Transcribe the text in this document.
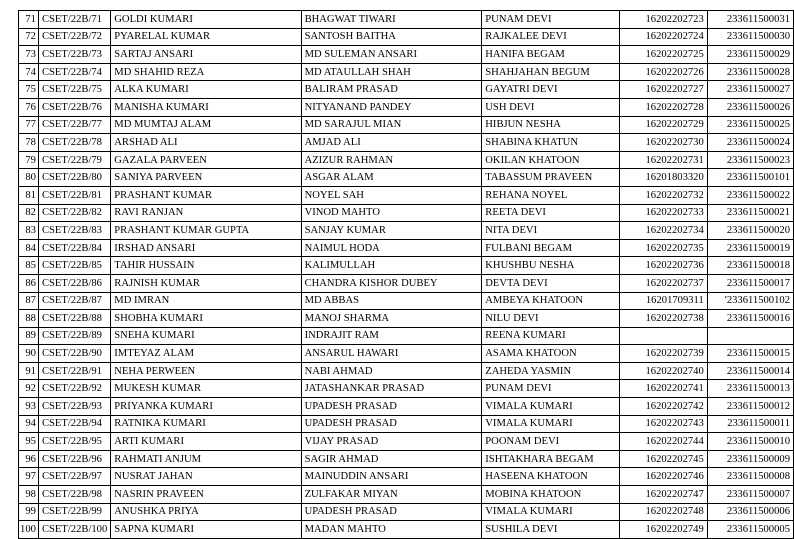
71	CSET/22B/71	GOLDI KUMARI	BHAGWAT TIWARI	PUNAM DEVI	16202202723	233611500031
72	CSET/22B/72	PYARELAL KUMAR	SANTOSH BAITHA	RAJKALEE DEVI	16202202724	233611500030
73	CSET/22B/73	SARTAJ ANSARI	MD SULEMAN ANSARI	HANIFA BEGAM	16202202725	233611500029
74	CSET/22B/74	MD SHAHID REZA	MD ATAULLAH SHAH	SHAHJAHAN BEGUM	16202202726	233611500028
75	CSET/22B/75	ALKA KUMARI	BALIRAM PRASAD	GAYATRI DEVI	16202202727	233611500027
76	CSET/22B/76	MANISHA KUMARI	NITYANAND PANDEY	USH DEVI	16202202728	233611500026
77	CSET/22B/77	MD MUMTAJ ALAM	MD SARAJUL MIAN	HIBJUN NESHA	16202202729	233611500025
78	CSET/22B/78	ARSHAD ALI	AMJAD ALI	SHABINA KHATUN	16202202730	233611500024
79	CSET/22B/79	GAZALA PARVEEN	AZIZUR RAHMAN	OKILAN KHATOON	16202202731	233611500023
80	CSET/22B/80	SANIYA PARVEEN	ASGAR ALAM	TABASSUM PRAVEEN	16201803320	233611500101
81	CSET/22B/81	PRASHANT KUMAR	NOYEL SAH	REHANA NOYEL	16202202732	233611500022
82	CSET/22B/82	RAVI RANJAN	VINOD MAHTO	REETA DEVI	16202202733	233611500021
83	CSET/22B/83	PRASHANT KUMAR GUPTA	SANJAY KUMAR	NITA DEVI	16202202734	233611500020
84	CSET/22B/84	IRSHAD ANSARI	NAIMUL HODA	FULBANI BEGAM	16202202735	233611500019
85	CSET/22B/85	TAHIR HUSSAIN	KALIMULLAH	KHUSHBU NESHA	16202202736	233611500018
86	CSET/22B/86	RAJNISH KUMAR	CHANDRA KISHOR DUBEY	DEVTA DEVI	16202202737	233611500017
87	CSET/22B/87	MD IMRAN	MD ABBAS	AMBEYA KHATOON	16201709311	'233611500102
88	CSET/22B/88	SHOBHA KUMARI	MANOJ SHARMA	NILU DEVI	16202202738	233611500016
89	CSET/22B/89	SNEHA KUMARI	INDRAJIT RAM	REENA KUMARI		
90	CSET/22B/90	IMTEYAZ ALAM	ANSARUL HAWARI	ASAMA KHATOON	16202202739	233611500015
91	CSET/22B/91	NEHA PERWEEN	NABI AHMAD	ZAHEDA YASMIN	16202202740	233611500014
92	CSET/22B/92	MUKESH KUMAR	JATASHANKAR PRASAD	PUNAM DEVI	16202202741	233611500013
93	CSET/22B/93	PRIYANKA KUMARI	UPADESH PRASAD	VIMALA KUMARI	16202202742	233611500012
94	CSET/22B/94	RATNIKA KUMARI	UPADESH PRASAD	VIMALA KUMARI	16202202743	233611500011
95	CSET/22B/95	ARTI KUMARI	VIJAY PRASAD	POONAM DEVI	16202202744	233611500010
96	CSET/22B/96	RAHMATI ANJUM	SAGIR AHMAD	ISHTAKHARA BEGAM	16202202745	233611500009
97	CSET/22B/97	NUSRAT JAHAN	MAINUDDIN ANSARI	HASEENA KHATOON	16202202746	233611500008
98	CSET/22B/98	NASRIN PRAVEEN	ZULFAKAR MIYAN	MOBINA KHATOON	16202202747	233611500007
99	CSET/22B/99	ANUSHKA PRIYA	UPADESH PRASAD	VIMALA KUMARI	16202202748	233611500006
100	CSET/22B/100	SAPNA KUMARI	MADAN MAHTO	SUSHILA DEVI	16202202749	233611500005
